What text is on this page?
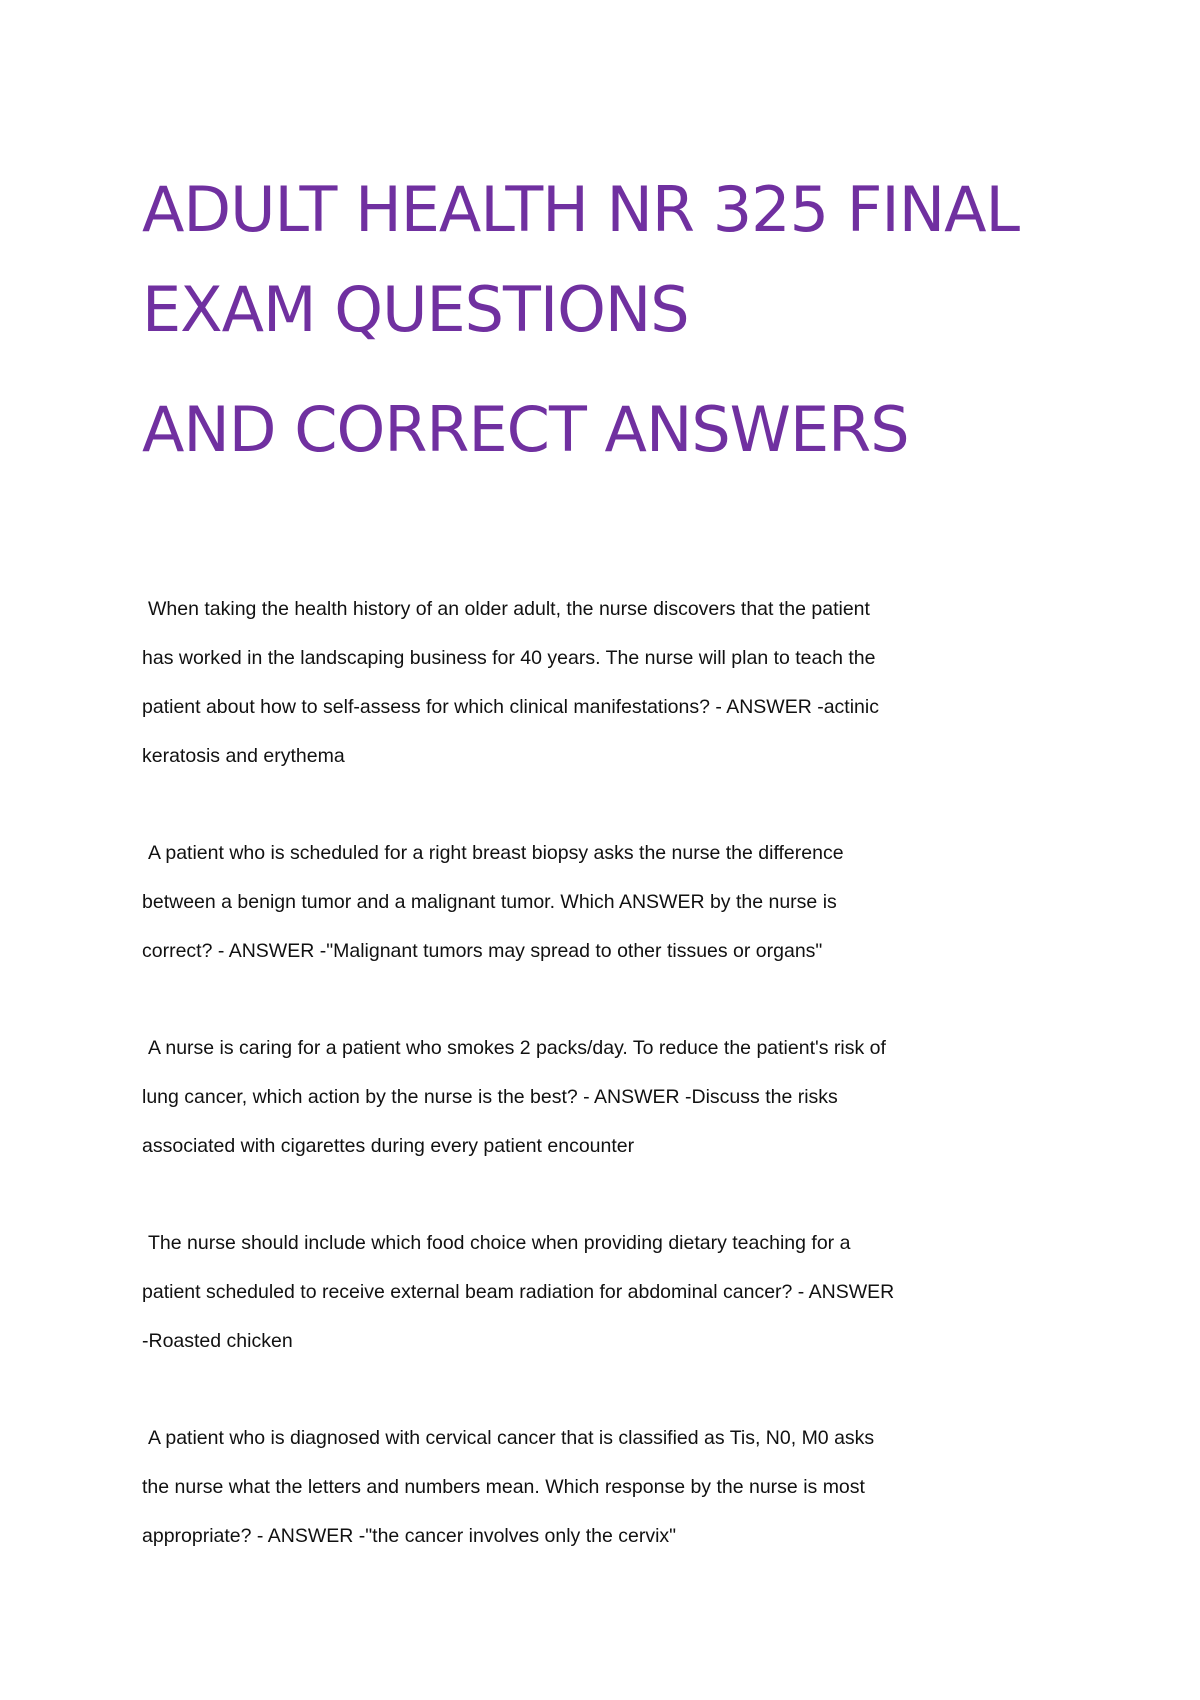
ADULT HEALTH NR 325 FINAL
EXAM QUESTIONS
AND CORRECT ANSWERS

When taking the health history of an older adult, the nurse discovers that the patient has worked in the landscaping business for 40 years. The nurse will plan to teach the patient about how to self-assess for which clinical manifestations? - ANSWER -actinic keratosis and erythema

A patient who is scheduled for a right breast biopsy asks the nurse the difference between a benign tumor and a malignant tumor. Which ANSWER by the nurse is correct? - ANSWER -"Malignant tumors may spread to other tissues or organs"

A nurse is caring for a patient who smokes 2 packs/day. To reduce the patient's risk of lung cancer, which action by the nurse is the best? - ANSWER -Discuss the risks associated with cigarettes during every patient encounter

The nurse should include which food choice when providing dietary teaching for a patient scheduled to receive external beam radiation for abdominal cancer? - ANSWER -Roasted chicken

A patient who is diagnosed with cervical cancer that is classified as Tis, N0, M0 asks the nurse what the letters and numbers mean. Which response by the nurse is most appropriate? - ANSWER -"the cancer involves only the cervix"
